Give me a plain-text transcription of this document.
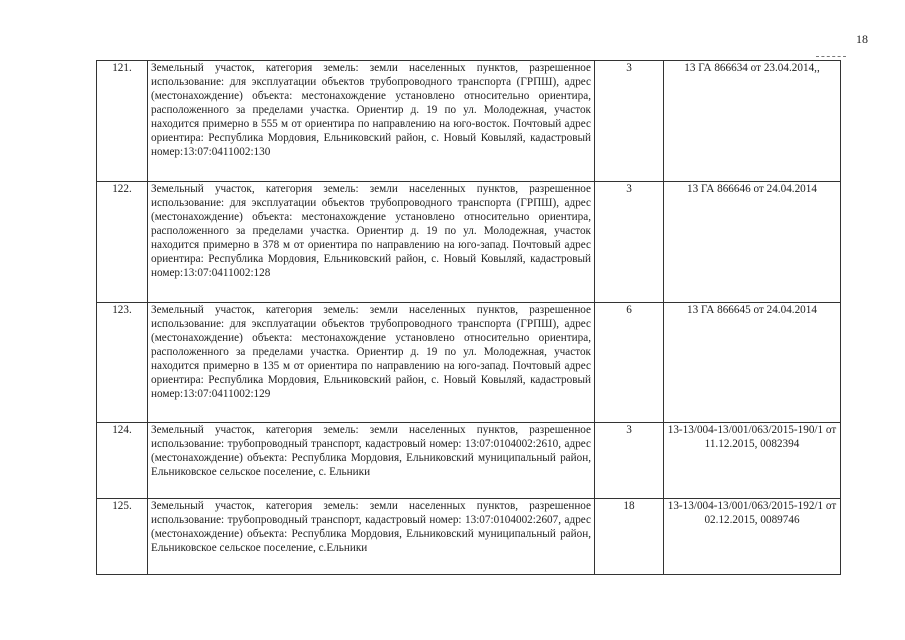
18
121.	Земельный участок, категория земель: земли населенных пунктов, разрешенное использование: для эксплуатации объектов трубопроводного транспорта (ГРПШ), адрес (местонахождение) объекта: местонахождение установлено относительно ориентира, расположенного за пределами участка. Ориентир д. 19 по ул. Молодежная, участок находится примерно в 555 м от ориентира по направлению на юго-восток. Почтовый адрес ориентира: Республика Мордовия, Ельниковский район, с. Новый Ковыляй, кадастровый номер:13:07:0411002:130	3	13 ГА 866634 от 23.04.2014,,
122.	Земельный участок, категория земель: земли населенных пунктов, разрешенное использование: для эксплуатации объектов трубопроводного транспорта (ГРПШ), адрес (местонахождение) объекта: местонахождение установлено относительно ориентира, расположенного за пределами участка. Ориентир д. 19 по ул. Молодежная, участок находится примерно в 378 м от ориентира по направлению на юго-запад. Почтовый адрес ориентира: Республика Мордовия, Ельниковский район, с. Новый Ковыляй, кадастровый номер:13:07:0411002:128	3	13 ГА 866646 от 24.04.2014
123.	Земельный участок, категория земель: земли населенных пунктов, разрешенное использование: для эксплуатации объектов трубопроводного транспорта (ГРПШ), адрес (местонахождение) объекта: местонахождение установлено относительно ориентира, расположенного за пределами участка. Ориентир д. 19 по ул. Молодежная, участок находится примерно в 135 м от ориентира по направлению на юго-запад. Почтовый адрес ориентира: Республика Мордовия, Ельниковский район, с. Новый Ковыляй, кадастровый номер:13:07:0411002:129	6	13 ГА 866645 от 24.04.2014
124.	Земельный участок, категория земель: земли населенных пунктов, разрешенное использование: трубопроводный транспорт, кадастровый номер: 13:07:0104002:2610, адрес (местонахождение) объекта: Республика Мордовия, Ельниковский муниципальный район, Ельниковское сельское поселение, с. Ельники	3	13-13/004-13/001/063/2015-190/1 от 11.12.2015, 0082394
125.	Земельный участок, категория земель: земли населенных пунктов, разрешенное использование: трубопроводный транспорт, кадастровый номер: 13:07:0104002:2607, адрес (местонахождение) объекта: Республика Мордовия, Ельниковский муниципальный район, Ельниковское сельское поселение, с.Ельники	18	13-13/004-13/001/063/2015-192/1 от 02.12.2015, 0089746
